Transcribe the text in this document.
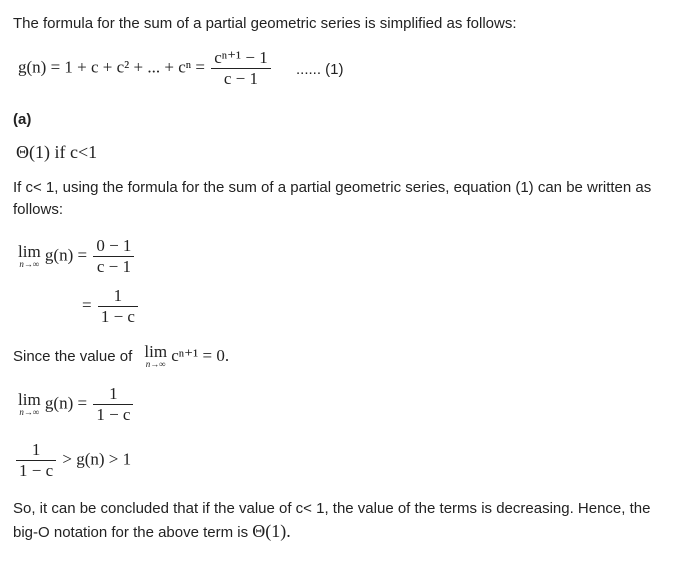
The formula for the sum of a partial geometric series is simplified as follows:
g(n) = 1 + c + c² + ... + $c^n = \frac{\text{cⁿ⁺¹ − 1}}{c - 1}$ ...... (1)
(a)
Θ(1) if c<1
If c< 1, using the formula for the sum of a partial geometric series, equation (1) can be written as follows:
lim
n→∞ $g(n) = \frac{0 - 1}{c - 1}$
= $\frac{1}{1 - c}$
Since the value of lim
n→∞ cⁿ⁺¹ = 0.
lim
n→∞ $g(n) = \frac{1}{1 - c}$
$\frac{1}{1 - c} > g(n) > 1$
So, it can be concluded that if the value of c< 1, the value of the terms is decreasing. Hence, the big-O notation for the above term is Θ(1).
